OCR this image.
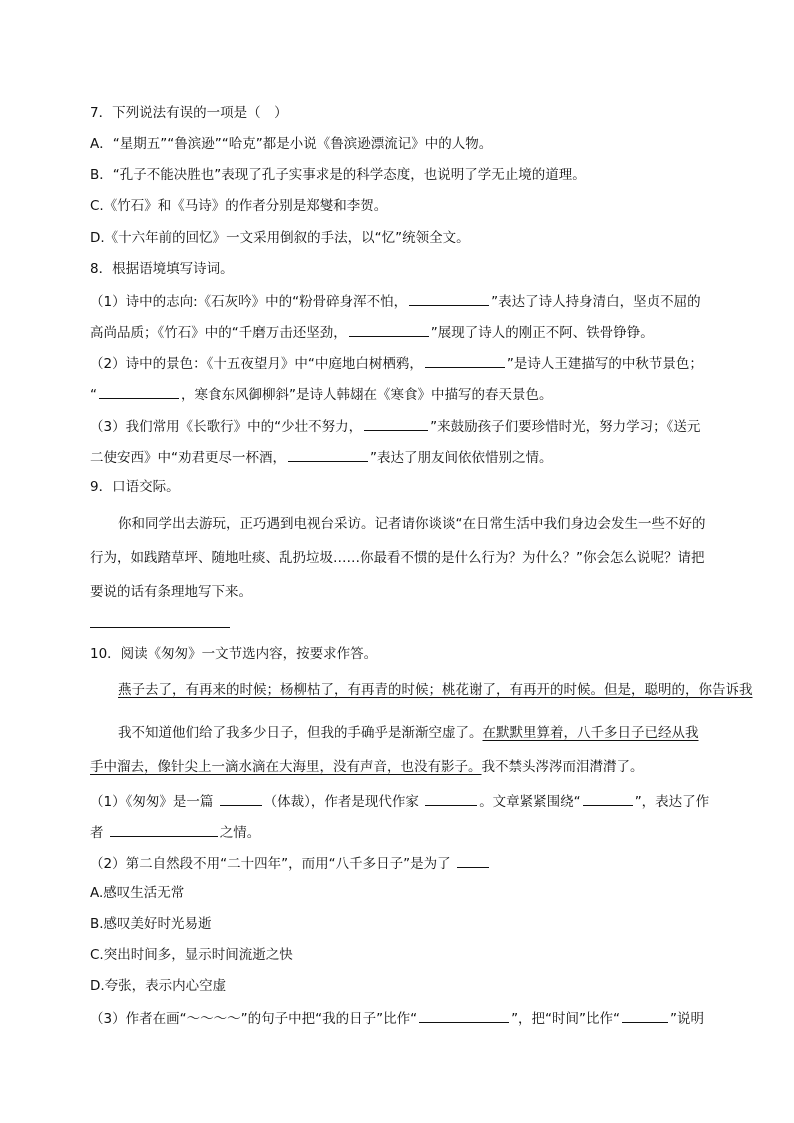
7．下列说法有误的一项是（　）
A．“星期五”“鲁滨逊”“哈克”都是小说《鲁滨逊漂流记》中的人物。
B．“孔子不能决胜也”表现了孔子实事求是的科学态度，也说明了学无止境的道理。
C.《竹石》和《马诗》的作者分别是郑燮和李贺。
D.《十六年前的回忆》一文采用倒叙的手法，以“忆”统领全文。
8．根据语境填写诗词。
（1）诗中的志向:《石灰吟》中的“粉骨碎身浑不怕，	”表达了诗人持身清白，坚贞不屈的
高尚品质；《竹石》中的“千磨万击还坚劲，	”展现了诗人的刚正不阿、铁骨铮铮。
（2）诗中的景色：《十五夜望月》中“中庭地白树栖鸦，	”是诗人王建描写的中秋节景色；
“	，寒食东风御柳斜”是诗人韩翃在《寒食》中描写的春天景色。
（3）我们常用《长歌行》中的“少壮不努力，	”来鼓励孩子们要珍惜时光，努力学习；《送元
二使安西》中“劝君更尽一杯酒，	”表达了朋友间依依惜别之情。
9．口语交际。
你和同学出去游玩，正巧遇到电视台采访。记者请你谈谈“在日常生活中我们身边会发生一些不好的
行为，如践踏草坪、随地吐痰、乱扔垃圾……你最看不惯的是什么行为？为什么？”你会怎么说呢？请把
要说的话有条理地写下来。
10．阅读《匆匆》一文节选内容，按要求作答。
燕子去了，有再来的时候；杨柳枯了，有再青的时候；桃花谢了，有再开的时候。但是，聪明的，你告诉我
我不知道他们给了我多少日子，但我的手确乎是渐渐空虚了。在默默里算着，八千多日子已经从我
手中溜去，像针尖上一滴水滴在大海里，没有声音，也没有影子。我不禁头涔涔而泪潸潸了。
（1）《匆匆》是一篇	（体裁），作者是现代作家	。文章紧紧围绕“	”，表达了作
者	之情。
（2）第二自然段不用“二十四年”，而用“八千多日子”是为了
A.感叹生活无常
B.感叹美好时光易逝
C.突出时间多，显示时间流逝之快
D.夸张，表示内心空虚
（3）作者在画“～～～～”的句子中把“我的日子”比作“	”，把“时间”比作“	”说明
